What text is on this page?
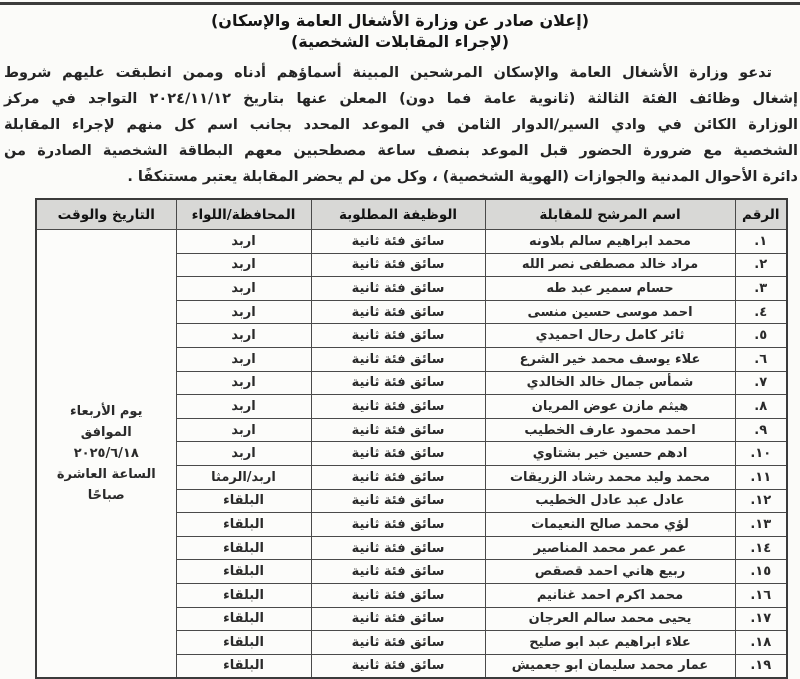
(إعلان صادر عن وزارة الأشغال العامة والإسكان)
(لإجراء المقابلات الشخصية)
تدعو وزارة الأشغال العامة والإسكان المرشحين المبينة أسماؤهم أدناه وممن انطبقت عليهم شروط
إشغال وظائف الفئة الثالثة (ثانوية عامة فما دون) المعلن عنها بتاريخ ٢٠٢٤/١١/١٢ التواجد في مركز
الوزارة الكائن في وادي السير/الدوار الثامن في الموعد المحدد بجانب اسم كل منهم لإجراء المقابلة
الشخصية مع ضرورة الحضور قبل الموعد بنصف ساعة مصطحبين معهم البطاقة الشخصية الصادرة من
دائرة الأحوال المدنية والجوازات (الهوية الشخصية) ، وكل من لم يحضر المقابلة يعتبر مستنكفًا .
الرقم	اسم المرشح للمقابلة	الوظيفة المطلوبة	المحافظة/اللواء	التاريخ والوقت
١.	محمد ابراهيم سالم بلاونه	سائق فئة ثانية	اربد	يوم الأربعاء
الموافق
٢٠٢٥/٦/١٨
الساعة العاشرة
صباحًا

٢.	مراد خالد مصطفى نصر الله	سائق فئة ثانية	اربد	
٣.	حسام سمير عبد طه	سائق فئة ثانية	اربد	
٤.	احمد موسى حسين منسى	سائق فئة ثانية	اربد	
٥.	ثائر كامل رحال احميدي	سائق فئة ثانية	اربد	
٦.	علاء يوسف محمد خير الشرع	سائق فئة ثانية	اربد	
٧.	شمأس جمال خالد الخالدي	سائق فئة ثانية	اربد	
٨.	هيثم مازن عوض المريان	سائق فئة ثانية	اربد	
٩.	احمد محمود عارف الخطيب	سائق فئة ثانية	اربد	
١٠.	ادهم حسين خير بشتاوي	سائق فئة ثانية	اربد	
١١.	محمد وليد محمد رشاد الزريقات	سائق فئة ثانية	اربد/الرمثا	
١٢.	عادل عبد عادل الخطيب	سائق فئة ثانية	البلقاء	
١٣.	لؤي محمد صالح النعيمات	سائق فئة ثانية	البلقاء	
١٤.	عمر عمر محمد المناصير	سائق فئة ثانية	البلقاء	
١٥.	ربيع هاني احمد قصقص	سائق فئة ثانية	البلقاء	
١٦.	محمد اكرم احمد غنانيم	سائق فئة ثانية	البلقاء	
١٧.	يحيى محمد سالم العرجان	سائق فئة ثانية	البلقاء	
١٨.	علاء ابراهيم عبد ابو صليح	سائق فئة ثانية	البلقاء	
١٩.	عمار محمد سليمان ابو جعميش	سائق فئة ثانية	البلقاء	
